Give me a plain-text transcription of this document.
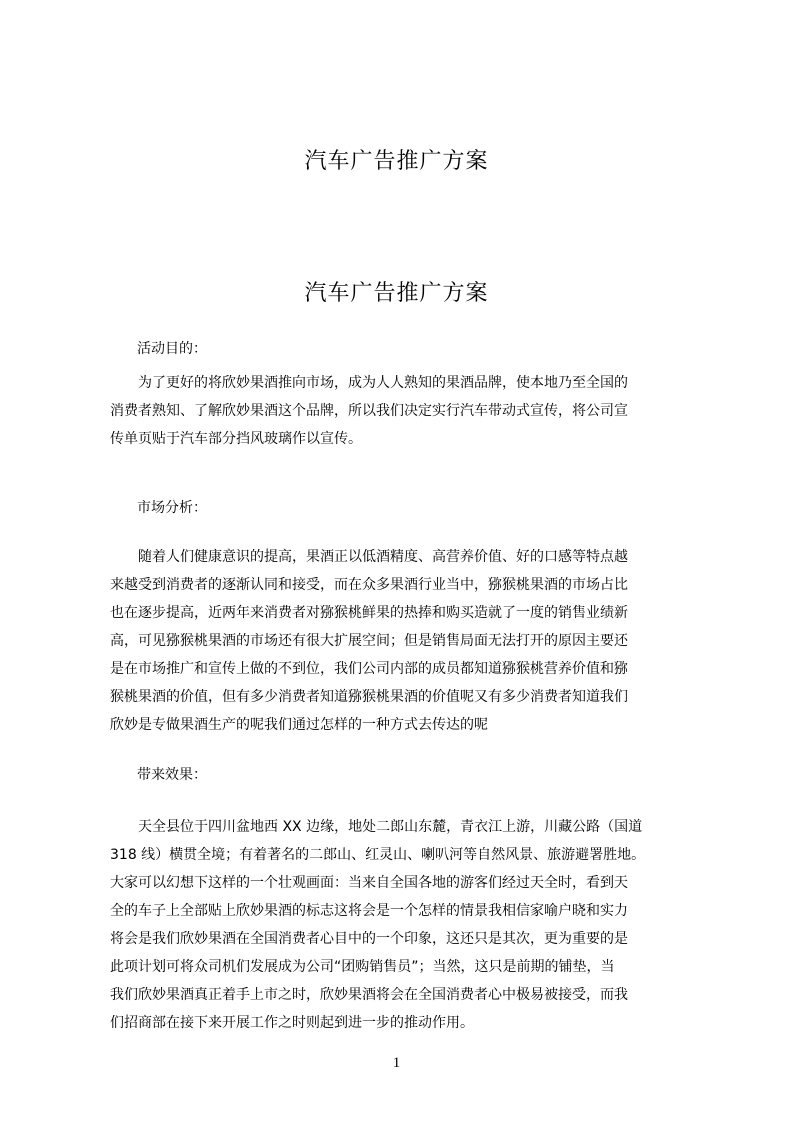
汽车广告推广方案
汽车广告推广方案
活动目的：
为了更好的将欣妙果酒推向市场，成为人人熟知的果酒品牌，使本地乃至全国的
消费者熟知、了解欣妙果酒这个品牌，所以我们决定实行汽车带动式宣传，将公司宣
传单页贴于汽车部分挡风玻璃作以宣传。
市场分析：
随着人们健康意识的提高，果酒正以低酒精度、高营养价值、好的口感等特点越
来越受到消费者的逐渐认同和接受，而在众多果酒行业当中，猕猴桃果酒的市场占比
也在逐步提高，近两年来消费者对猕猴桃鲜果的热捧和购买造就了一度的销售业绩新
高，可见猕猴桃果酒的市场还有很大扩展空间；但是销售局面无法打开的原因主要还
是在市场推广和宣传上做的不到位，我们公司内部的成员都知道猕猴桃营养价值和猕
猴桃果酒的价值，但有多少消费者知道猕猴桃果酒的价值呢又有多少消费者知道我们
欣妙是专做果酒生产的呢我们通过怎样的一种方式去传达的呢
带来效果：
天全县位于四川盆地西 XX 边缘，地处二郎山东麓，青衣江上游，川藏公路（国道
318 线）横贯全境；有着著名的二郎山、红灵山、喇叭河等自然风景、旅游避署胜地。
大家可以幻想下这样的一个壮观画面：当来自全国各地的游客们经过天全时，看到天
全的车子上全部贴上欣妙果酒的标志这将会是一个怎样的情景我相信家喻户晓和实力
将会是我们欣妙果酒在全国消费者心目中的一个印象，这还只是其次，更为重要的是
此项计划可将众司机们发展成为公司“团购销售员”；当然，这只是前期的铺垫，当
我们欣妙果酒真正着手上市之时，欣妙果酒将会在全国消费者心中极易被接受，而我
们招商部在接下来开展工作之时则起到进一步的推动作用。
1
